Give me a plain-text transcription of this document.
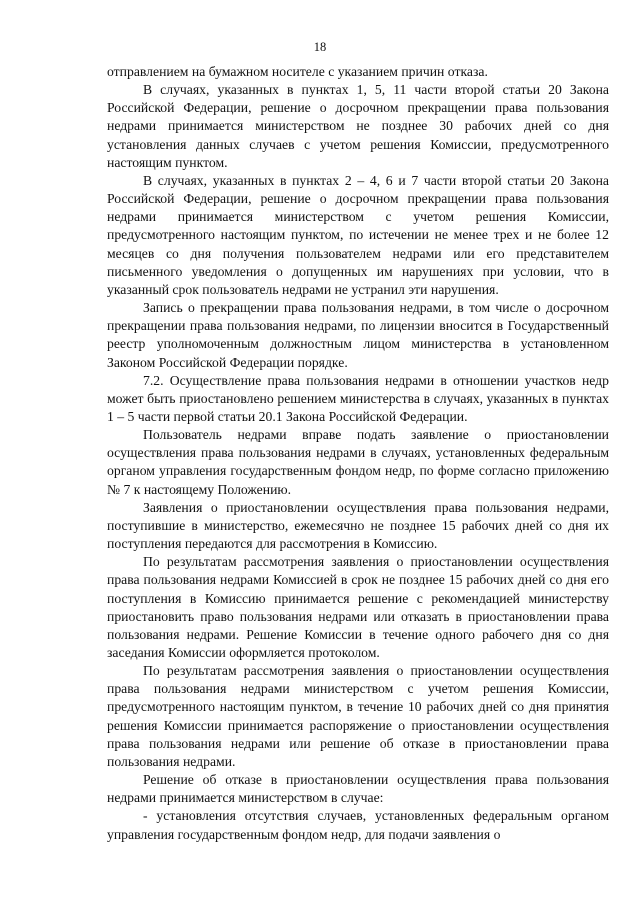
18

отправлением на бумажном носителе с указанием причин отказа.

В случаях, указанных в пунктах 1, 5, 11 части второй статьи 20 Закона Российской Федерации, решение о досрочном прекращении права пользования недрами принимается министерством не позднее 30 рабочих дней со дня установления данных случаев с учетом решения Комиссии, предусмотренного настоящим пунктом.

В случаях, указанных в пунктах 2 – 4, 6 и 7 части второй статьи 20 Закона Российской Федерации, решение о досрочном прекращении права пользования недрами принимается министерством с учетом решения Комиссии, предусмотренного настоящим пунктом, по истечении не менее трех и не более 12 месяцев со дня получения пользователем недрами или его представителем письменного уведомления о допущенных им нарушениях при условии, что в указанный срок пользователь недрами не устранил эти нарушения.

Запись о прекращении права пользования недрами, в том числе о досрочном прекращении права пользования недрами, по лицензии вносится в Государственный реестр уполномоченным должностным лицом министерства в установленном Законом Российской Федерации порядке.

7.2. Осуществление права пользования недрами в отношении участков недр может быть приостановлено решением министерства в случаях, указанных в пунктах 1 – 5 части первой статьи 20.1 Закона Российской Федерации.

Пользователь недрами вправе подать заявление о приостановлении осуществления права пользования недрами в случаях, установленных федеральным органом управления государственным фондом недр, по форме согласно приложению № 7 к настоящему Положению.

Заявления о приостановлении осуществления права пользования недрами, поступившие в министерство, ежемесячно не позднее 15 рабочих дней со дня их поступления передаются для рассмотрения в Комиссию.

По результатам рассмотрения заявления о приостановлении осуществления права пользования недрами Комиссией в срок не позднее 15 рабочих дней со дня его поступления в Комиссию принимается решение с рекомендацией министерству приостановить право пользования недрами или отказать в приостановлении права пользования недрами. Решение Комиссии в течение одного рабочего дня со дня заседания Комиссии оформляется протоколом.

По результатам рассмотрения заявления о приостановлении осуществления права пользования недрами министерством с учетом решения Комиссии, предусмотренного настоящим пунктом, в течение 10 рабочих дней со дня принятия решения Комиссии принимается распоряжение о приостановлении осуществления права пользования недрами или решение об отказе в приостановлении права пользования недрами.

Решение об отказе в приостановлении осуществления права пользования недрами принимается министерством в случае:

- установления отсутствия случаев, установленных федеральным органом управления государственным фондом недр, для подачи заявления о
